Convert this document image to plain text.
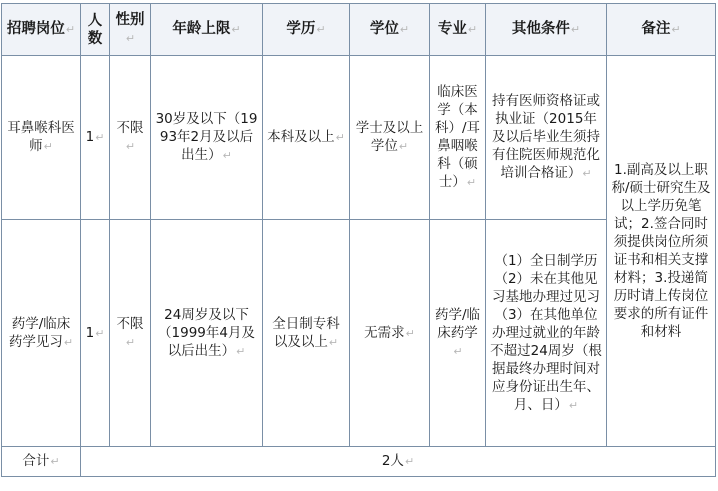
招聘岗位 ↵	人数	性别 ↵	年龄上限 ↵	学历 ↵	学位 ↵	专业 ↵	其他条件 ↵	备注 ↵
耳鼻喉科医师 ↵	1 ↵	不限 ↵	30岁及以下（1993年2月及以后出生） ↵	本科及以上 ↵	学士及以上学位 ↵	临床医学（本科）/耳鼻咽喉科（硕士） ↵	持有医师资格证或执业证（2015年及以后毕业生须持有住院医师规范化培训合格证） ↵	1.副高及以上职称/硕士研究生及以上学历免笔试；2.签合同时须提供岗位所须证书和相关支撑材料；3.投递简历时请上传岗位要求的所有证件和材料
药学/临床药学见习 ↵	1 ↵	不限 ↵	24周岁及以下（1999年4月及以后出生） ↵	全日制专科以及以上 ↵	无需求 ↵	药学/临床药学 ↵	（1）全日制学历（2）未在其他见习基地办理过见习（3）在其他单位办理过就业的年龄不超过24周岁（根据最终办理时间对应身份证出生年、月、日） ↵
合计 ↵	2人 ↵
